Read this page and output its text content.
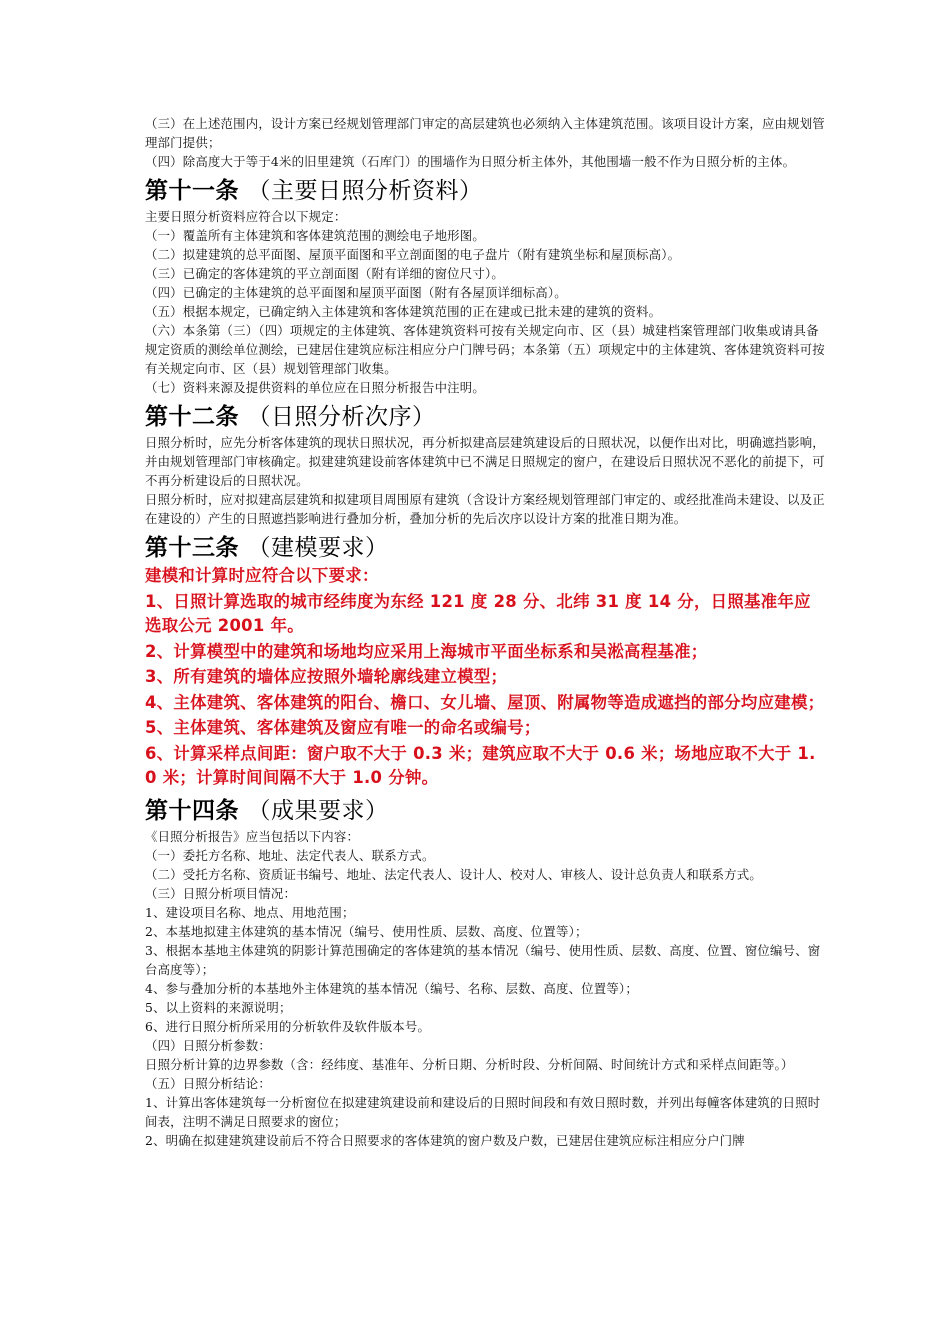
（三）在上述范围内，设计方案已经规划管理部门审定的高层建筑也必须纳入主体建筑范围。该项目设计方案，应由规划管理部门提供；

（四）除高度大于等于4米的旧里建筑（石库门）的围墙作为日照分析主体外，其他围墙一般不作为日照分析的主体。

第十一条 （主要日照分析资料）

主要日照分析资料应符合以下规定：

（一）覆盖所有主体建筑和客体建筑范围的测绘电子地形图。

（二）拟建建筑的总平面图、屋顶平面图和平立剖面图的电子盘片（附有建筑坐标和屋顶标高）。

（三）已确定的客体建筑的平立剖面图（附有详细的窗位尺寸）。

（四）已确定的主体建筑的总平面图和屋顶平面图（附有各屋顶详细标高）。

（五）根据本规定，已确定纳入主体建筑和客体建筑范围的正在建或已批未建的建筑的资料。

（六）本条第（三）（四）项规定的主体建筑、客体建筑资料可按有关规定向市、区（县）城建档案管理部门收集或请具备规定资质的测绘单位测绘，已建居住建筑应标注相应分户门牌号码；本条第（五）项规定中的主体建筑、客体建筑资料可按有关规定向市、区（县）规划管理部门收集。

（七）资料来源及提供资料的单位应在日照分析报告中注明。

第十二条 （日照分析次序）

日照分析时，应先分析客体建筑的现状日照状况，再分析拟建高层建筑建设后的日照状况，以便作出对比，明确遮挡影响，并由规划管理部门审核确定。拟建建筑建设前客体建筑中已不满足日照规定的窗户，在建设后日照状况不恶化的前提下，可不再分析建设后的日照状况。

日照分析时，应对拟建高层建筑和拟建项目周围原有建筑（含设计方案经规划管理部门审定的、或经批准尚未建设、以及正在建设的）产生的日照遮挡影响进行叠加分析，叠加分析的先后次序以设计方案的批准日期为准。

第十三条 （建模要求）

建模和计算时应符合以下要求：

1、日照计算选取的城市经纬度为东经 121 度 28 分、北纬 31 度 14 分，日照基准年应选取公元 2001 年。

2、计算模型中的建筑和场地均应采用上海城市平面坐标系和吴淞高程基准；

3、所有建筑的墙体应按照外墙轮廓线建立模型；

4、主体建筑、客体建筑的阳台、檐口、女儿墙、屋顶、附属物等造成遮挡的部分均应建模；

5、主体建筑、客体建筑及窗应有唯一的命名或编号；

6、计算采样点间距：窗户取不大于 0.3 米；建筑应取不大于 0.6 米；场地应取不大于 1.0 米；计算时间间隔不大于 1.0 分钟。

第十四条 （成果要求）

《日照分析报告》应当包括以下内容：

（一）委托方名称、地址、法定代表人、联系方式。

（二）受托方名称、资质证书编号、地址、法定代表人、设计人、校对人、审核人、设计总负责人和联系方式。

（三）日照分析项目情况：

1、建设项目名称、地点、用地范围；

2、本基地拟建主体建筑的基本情况（编号、使用性质、层数、高度、位置等）；

3、根据本基地主体建筑的阴影计算范围确定的客体建筑的基本情况（编号、使用性质、层数、高度、位置、窗位编号、窗台高度等）；

4、参与叠加分析的本基地外主体建筑的基本情况（编号、名称、层数、高度、位置等）；

5、以上资料的来源说明；

6、进行日照分析所采用的分析软件及软件版本号。

（四）日照分析参数：

日照分析计算的边界参数（含：经纬度、基准年、分析日期、分析时段、分析间隔、时间统计方式和采样点间距等。）

（五）日照分析结论：

1、计算出客体建筑每一分析窗位在拟建建筑建设前和建设后的日照时间段和有效日照时数，并列出每幢客体建筑的日照时间表，注明不满足日照要求的窗位；

2、明确在拟建建筑建设前后不符合日照要求的客体建筑的窗户数及户数，已建居住建筑应标注相应分户门牌
